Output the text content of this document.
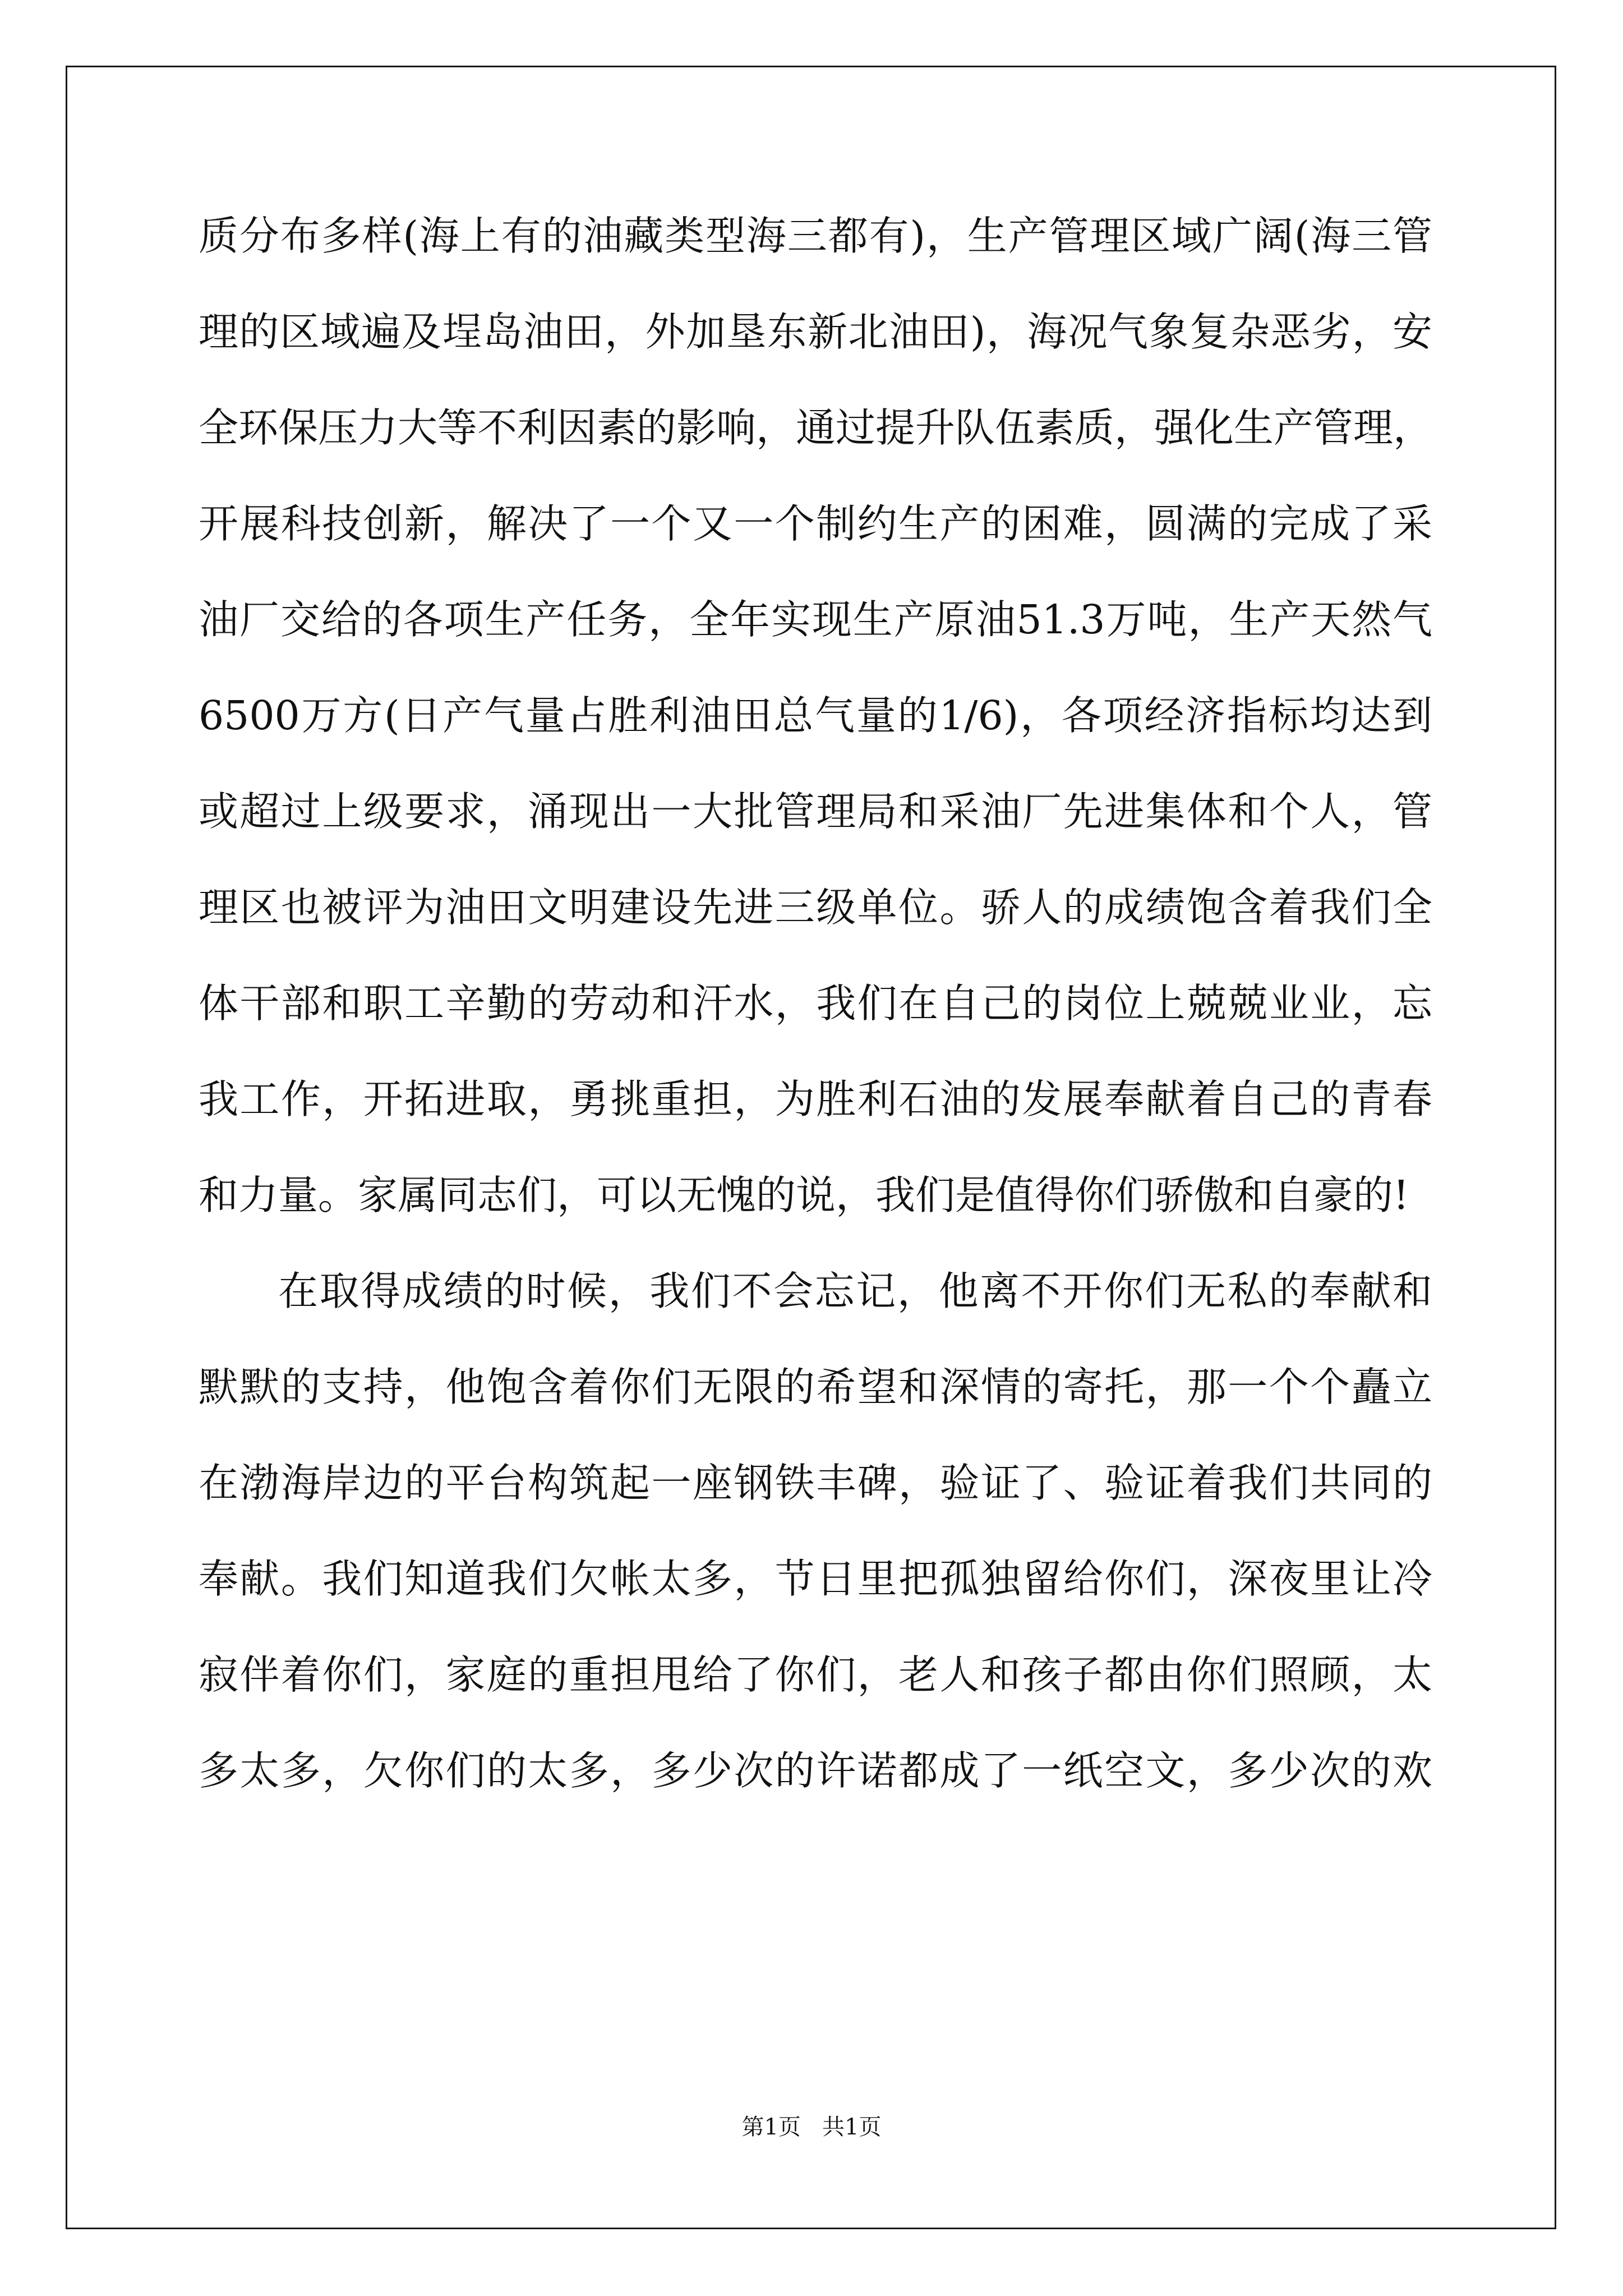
质分布多样(海上有的油藏类型海三都有)，生产管理区域广阔(海三管
理的区域遍及埕岛油田，外加垦东新北油田)，海况气象复杂恶劣，安
全环保压力大等不利因素的影响，通过提升队伍素质，强化生产管理，
开展科技创新，解决了一个又一个制约生产的困难，圆满的完成了采
油厂交给的各项生产任务，全年实现生产原油51.3万吨，生产天然气
6500万方(日产气量占胜利油田总气量的1/6)，各项经济指标均达到
或超过上级要求，涌现出一大批管理局和采油厂先进集体和个人，管
理区也被评为油田文明建设先进三级单位。骄人的成绩饱含着我们全
体干部和职工辛勤的劳动和汗水，我们在自己的岗位上兢兢业业，忘
我工作，开拓进取，勇挑重担，为胜利石油的发展奉献着自己的青春
和力量。家属同志们，可以无愧的说，我们是值得你们骄傲和自豪的!
在取得成绩的时候，我们不会忘记，他离不开你们无私的奉献和
默默的支持，他饱含着你们无限的希望和深情的寄托，那一个个矗立
在渤海岸边的平台构筑起一座钢铁丰碑，验证了、验证着我们共同的
奉献。我们知道我们欠帐太多，节日里把孤独留给你们，深夜里让冷
寂伴着你们，家庭的重担甩给了你们，老人和孩子都由你们照顾，太
多太多，欠你们的太多，多少次的许诺都成了一纸空文，多少次的欢
第1页   共1页
